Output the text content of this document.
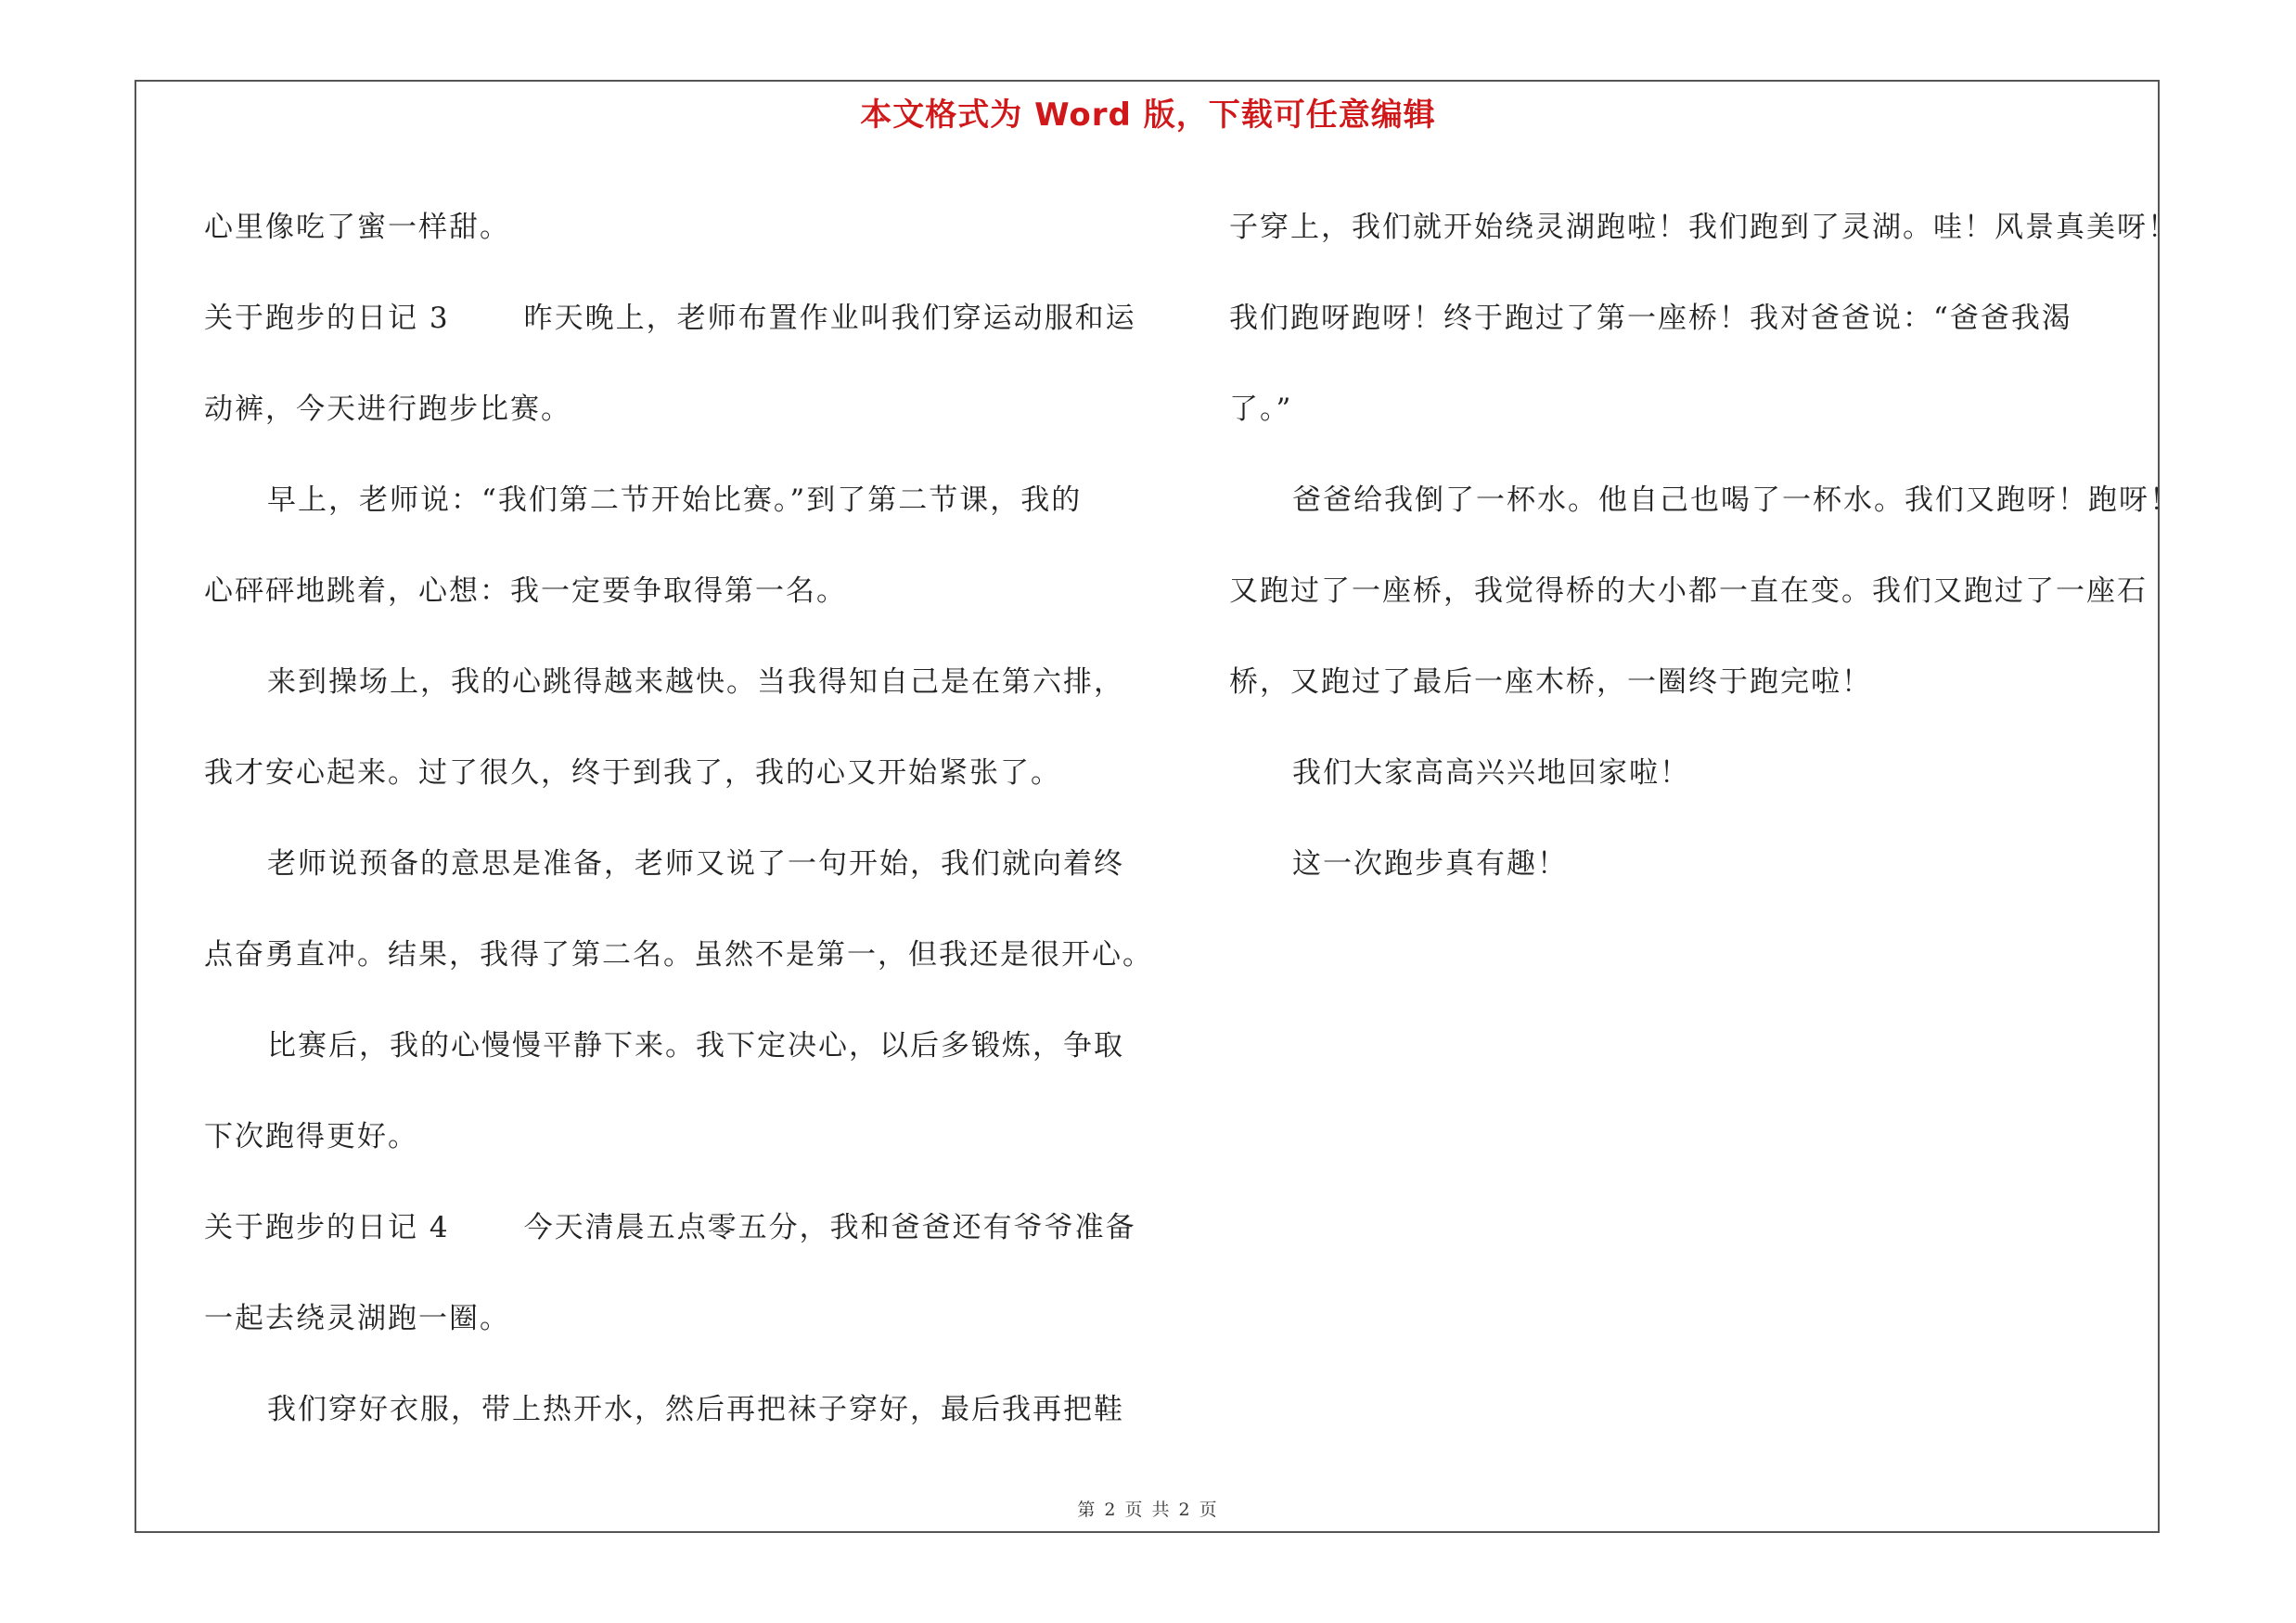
本文格式为 Word 版，下载可任意编辑
心里像吃了蜜一样甜。
关于跑步的日记 3	昨天晚上，老师布置作业叫我们穿运动服和运
动裤，今天进行跑步比赛。
早上，老师说：“我们第二节开始比赛。”到了第二节课，我的
心砰砰地跳着，心想：我一定要争取得第一名。
来到操场上，我的心跳得越来越快。当我得知自己是在第六排，
我才安心起来。过了很久，终于到我了，我的心又开始紧张了。
老师说预备的意思是准备，老师又说了一句开始，我们就向着终
点奋勇直冲。结果，我得了第二名。虽然不是第一，但我还是很开心。
比赛后，我的心慢慢平静下来。我下定决心，以后多锻炼，争取
下次跑得更好。
关于跑步的日记 4	今天清晨五点零五分，我和爸爸还有爷爷准备
一起去绕灵湖跑一圈。
我们穿好衣服，带上热开水，然后再把袜子穿好，最后我再把鞋
子穿上，我们就开始绕灵湖跑啦！我们跑到了灵湖。哇！风景真美呀！
我们跑呀跑呀！终于跑过了第一座桥！我对爸爸说：“爸爸我渴
了。”
爸爸给我倒了一杯水。他自己也喝了一杯水。我们又跑呀！跑呀！
又跑过了一座桥，我觉得桥的大小都一直在变。我们又跑过了一座石
桥，又跑过了最后一座木桥，一圈终于跑完啦！
我们大家高高兴兴地回家啦！
这一次跑步真有趣！
第 2 页 共 2 页
